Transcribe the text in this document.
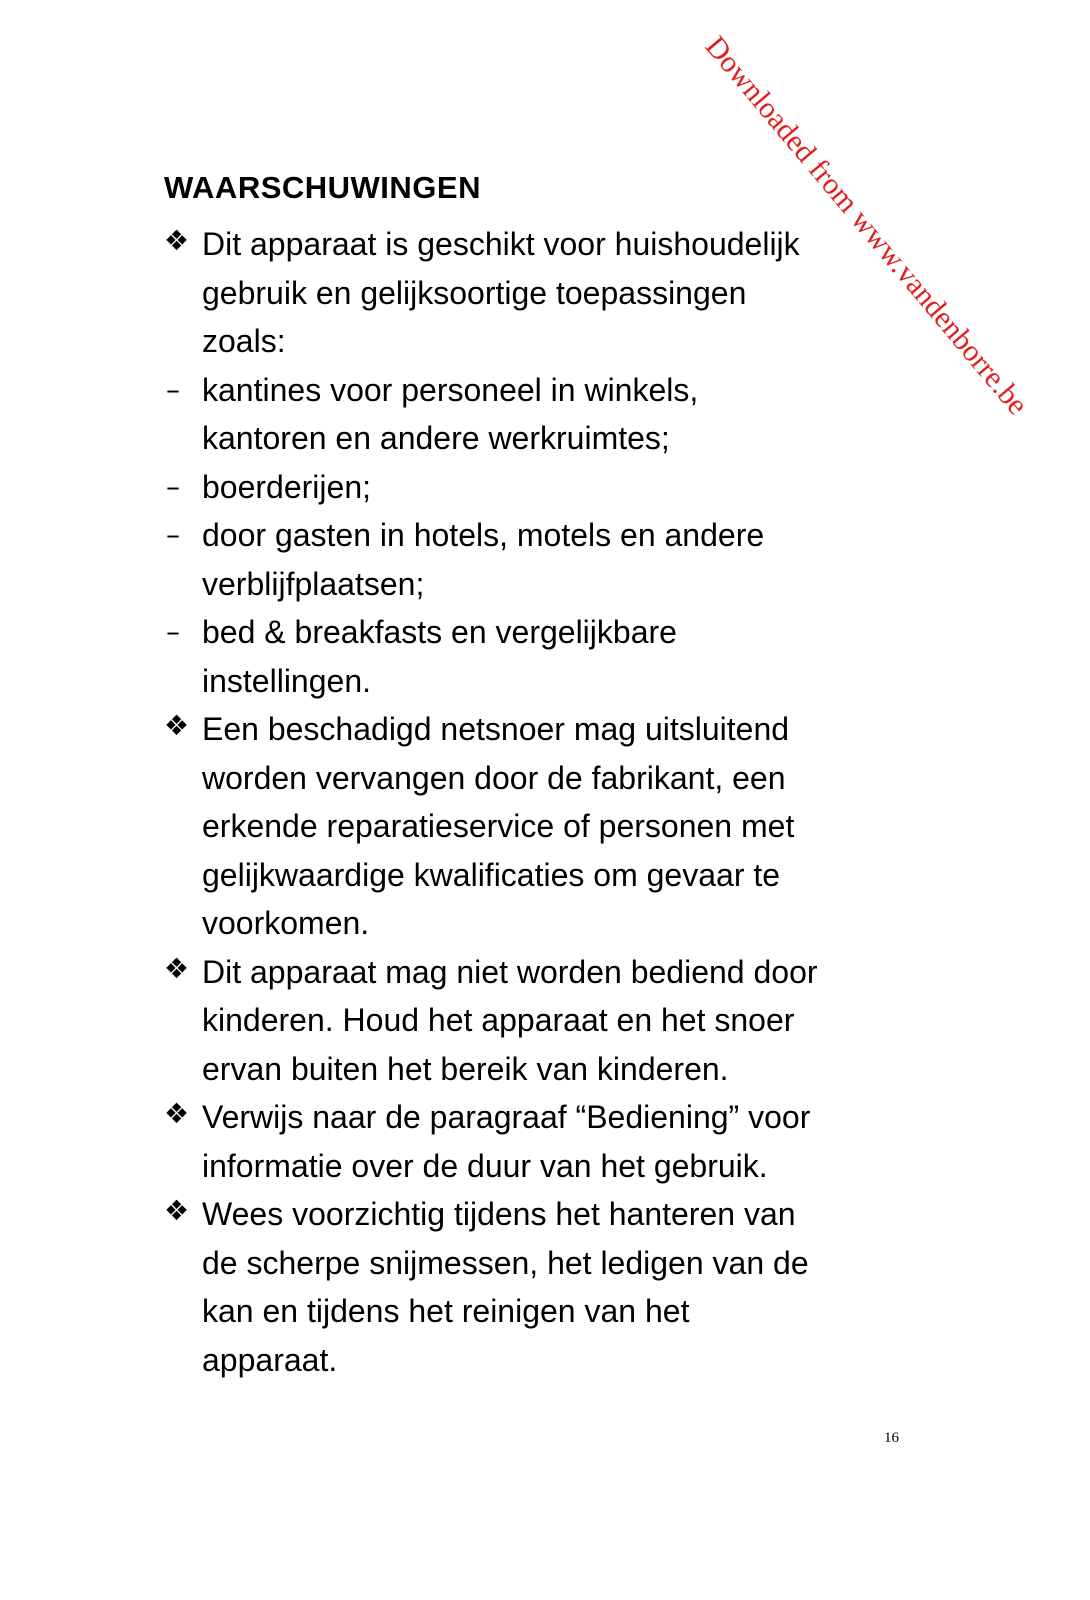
Downloaded from www.vandenborre.be
WAARSCHUWINGEN
❖ Dit apparaat is geschikt voor huishoudelijk
gebruik en gelijksoortige toepassingen
zoals:
– kantines voor personeel in winkels,
kantoren en andere werkruimtes;
– boerderijen;
– door gasten in hotels, motels en andere
verblijfplaatsen;
– bed & breakfasts en vergelijkbare
instellingen.
❖ Een beschadigd netsnoer mag uitsluitend
worden vervangen door de fabrikant, een
erkende reparatieservice of personen met
gelijkwaardige kwalificaties om gevaar te
voorkomen.
❖ Dit apparaat mag niet worden bediend door
kinderen. Houd het apparaat en het snoer
ervan buiten het bereik van kinderen.
❖ Verwijs naar de paragraaf “Bediening” voor
informatie over de duur van het gebruik.
❖ Wees voorzichtig tijdens het hanteren van
de scherpe snijmessen, het ledigen van de
kan en tijdens het reinigen van het
apparaat.
16
